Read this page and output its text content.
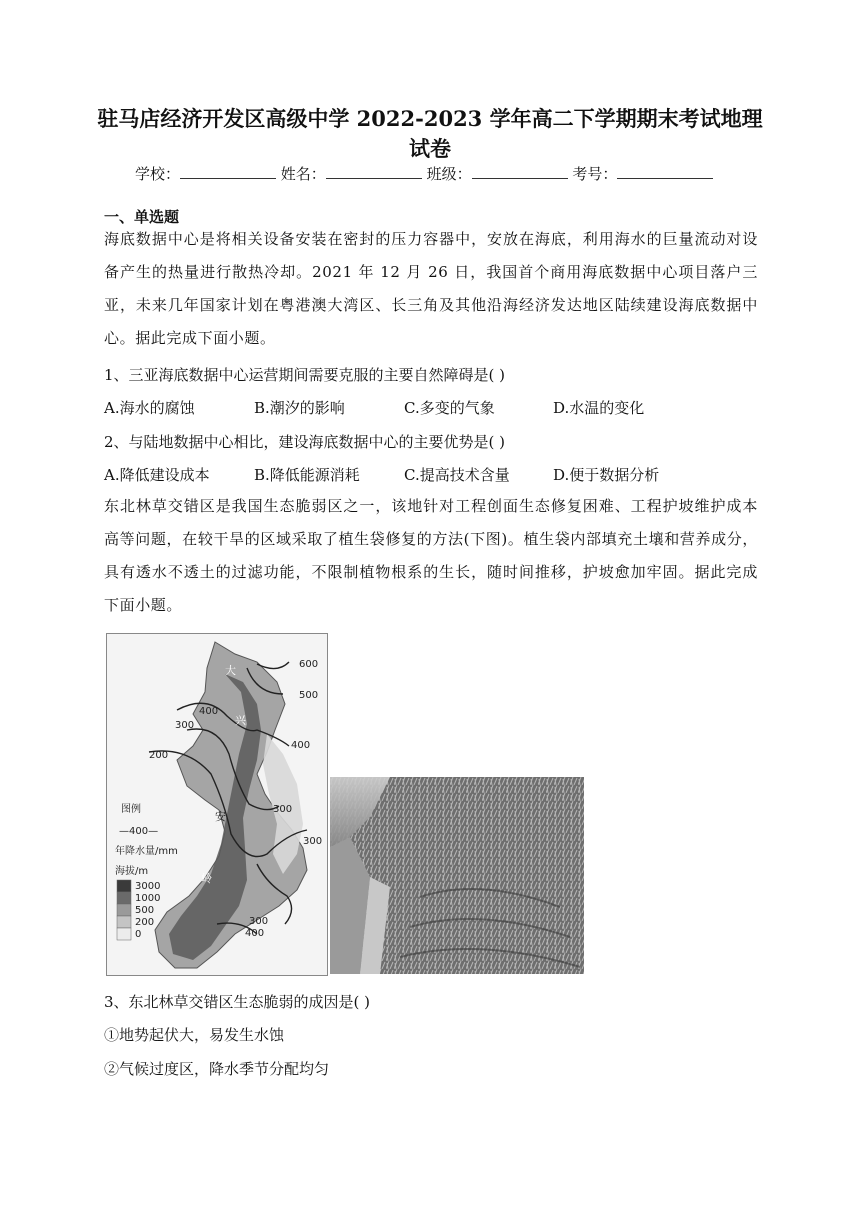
驻马店经济开发区高级中学 2022-2023 学年高二下学期期末考试地理
试卷
学校：	姓名：	班级：	考号：
一、单选题
海底数据中心是将相关设备安装在密封的压力容器中，安放在海底，利用海水的巨量流动对设备产生的热量进行散热冷却。2021 年 12 月 26 日，我国首个商用海底数据中心项目落户三亚，未来几年国家计划在粤港澳大湾区、长三角及其他沿海经济发达地区陆续建设海底数据中心。据此完成下面小题。
1、三亚海底数据中心运营期间需要克服的主要自然障碍是( )
A.海水的腐蚀	B.潮汐的影响	C.多变的气象	D.水温的变化
2、与陆地数据中心相比，建设海底数据中心的主要优势是( )
A.降低建设成本	B.降低能源消耗	C.提高技术含量	D.便于数据分析
东北林草交错区是我国生态脆弱区之一，该地针对工程创面生态修复困难、工程护坡维护成本高等问题，在较干旱的区域采取了植生袋修复的方法(下图)。植生袋内部填充土壤和营养成分，具有透水不透土的过滤功能，不限制植物根系的生长，随时间推移，护坡愈加牢固。据此完成下面小题。
600
500
400
300
400
200
300
300
300
400
大
兴
安
岭
图例
—400—
年降水量/mm
海拔/m
3000
1000
500
200
0
3、东北林草交错区生态脆弱的成因是( )
①地势起伏大，易发生水蚀
②气候过度区，降水季节分配均匀
